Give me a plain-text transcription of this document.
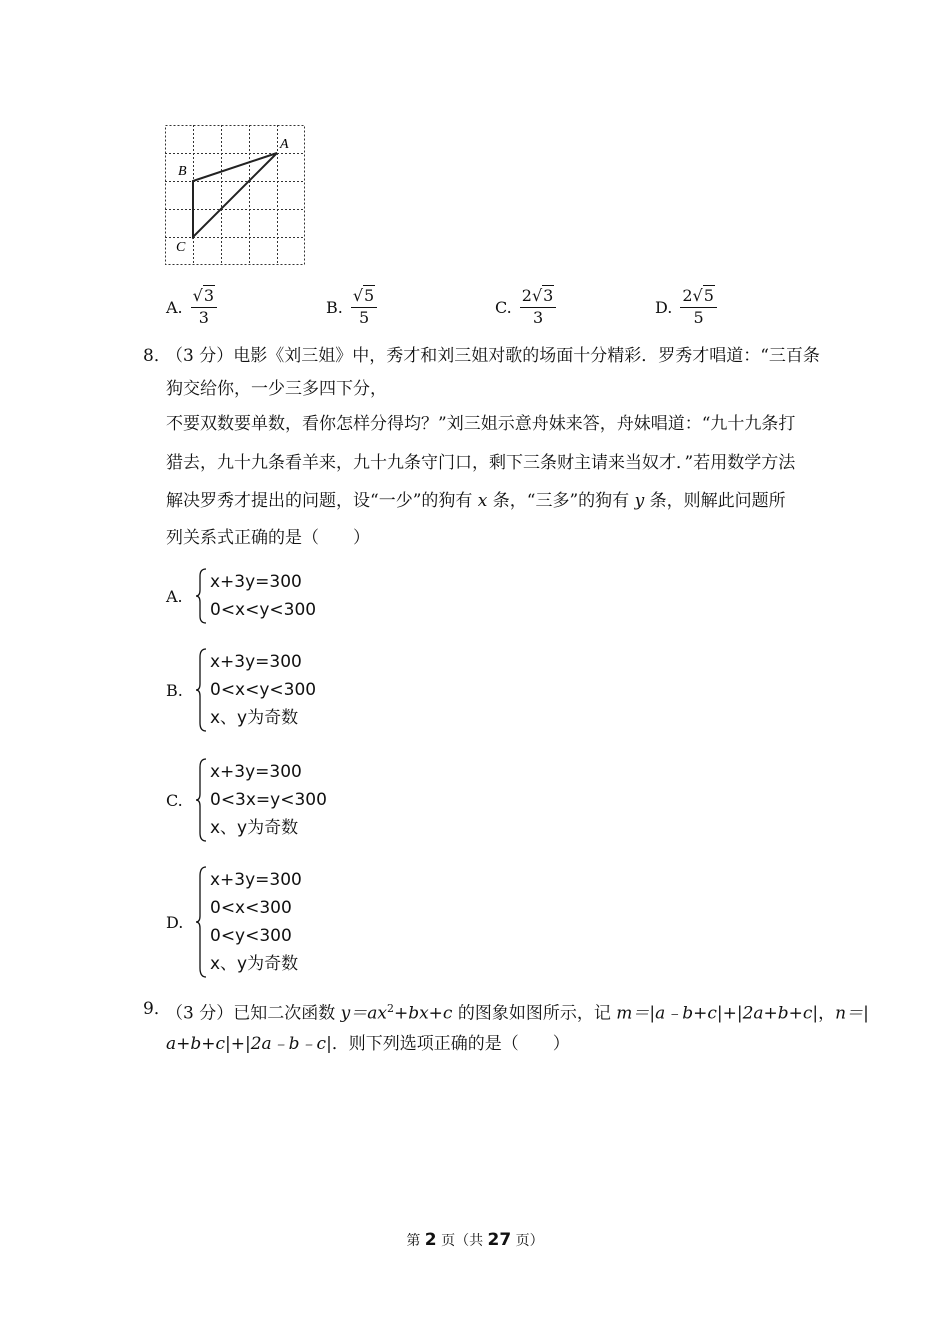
A
B
C
A. $\frac{√3}{3}$	B. $\frac{√5}{5}$	C. $\frac{2√3}{3}$	D. $\frac{2√5}{5}$
8．
（3 分）电影《刘三姐》中，秀才和刘三姐对歌的场面十分精彩．罗秀才唱道：“三百条
狗交给你，一少三多四下分，
不要双数要单数，看你怎样分得均？”刘三姐示意舟妹来答，舟妹唱道：“九十九条打
猎去，九十九条看羊来，九十九条守门口，剩下三条财主请来当奴才．”若用数学方法
解决罗秀才提出的问题，设“一少”的狗有 x 条，“三多”的狗有 y 条，则解此问题所
列关系式正确的是（　　）
A.
x+3y=300
0<x<y<300
B.
x+3y=300
0<x<y<300
x、y为奇数
C.
x+3y=300
0<3x=y<300
x、y为奇数
D.
x+3y=300
0<x<300
0<y<300
x、y为奇数
9．
（3 分）已知二次函数 $y=ax^2+bx+c$ 的图象如图所示，记 m＝|a﹣b+c|+|2a+b+c|，n＝|
a+b+c|+|2a﹣b﹣c|．则下列选项正确的是（　　）
第 2 页（共 27 页）
